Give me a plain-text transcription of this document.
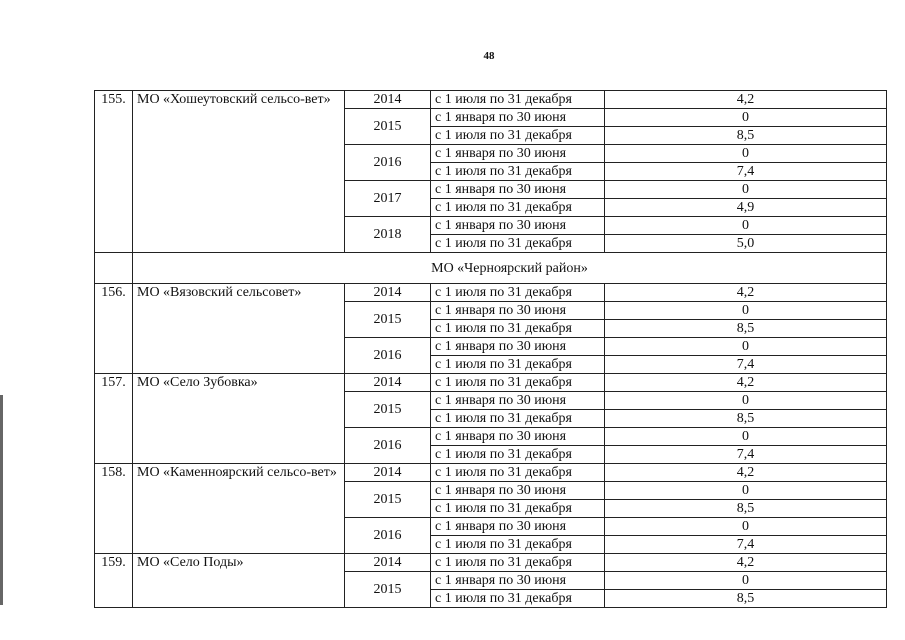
48
155.	МО «Хошеутовский сельсо-вет»	2014	с 1 июля по 31 декабря	4,2
		2015	с 1 января по 30 июня	0
			с 1 июля по 31 декабря	8,5
		2016	с 1 января по 30 июня	0
			с 1 июля по 31 декабря	7,4
		2017	с 1 января по 30 июня	0
			с 1 июля по 31 декабря	4,9
		2018	с 1 января по 30 июня	0
			с 1 июля по 31 декабря	5,0
	МО «Черноярский район»			
156.	МО «Вязовский сельсовет»	2014	с 1 июля по 31 декабря	4,2
		2015	с 1 января по 30 июня	0
			с 1 июля по 31 декабря	8,5
		2016	с 1 января по 30 июня	0
			с 1 июля по 31 декабря	7,4
157.	МО «Село Зубовка»	2014	с 1 июля по 31 декабря	4,2
		2015	с 1 января по 30 июня	0
			с 1 июля по 31 декабря	8,5
		2016	с 1 января по 30 июня	0
			с 1 июля по 31 декабря	7,4
158.	МО «Каменноярский сельсо-вет»	2014	с 1 июля по 31 декабря	4,2
		2015	с 1 января по 30 июня	0
			с 1 июля по 31 декабря	8,5
		2016	с 1 января по 30 июня	0
			с 1 июля по 31 декабря	7,4
159.	МО «Село Поды»	2014	с 1 июля по 31 декабря	4,2
		2015	с 1 января по 30 июня	0
			с 1 июля по 31 декабря	8,5
